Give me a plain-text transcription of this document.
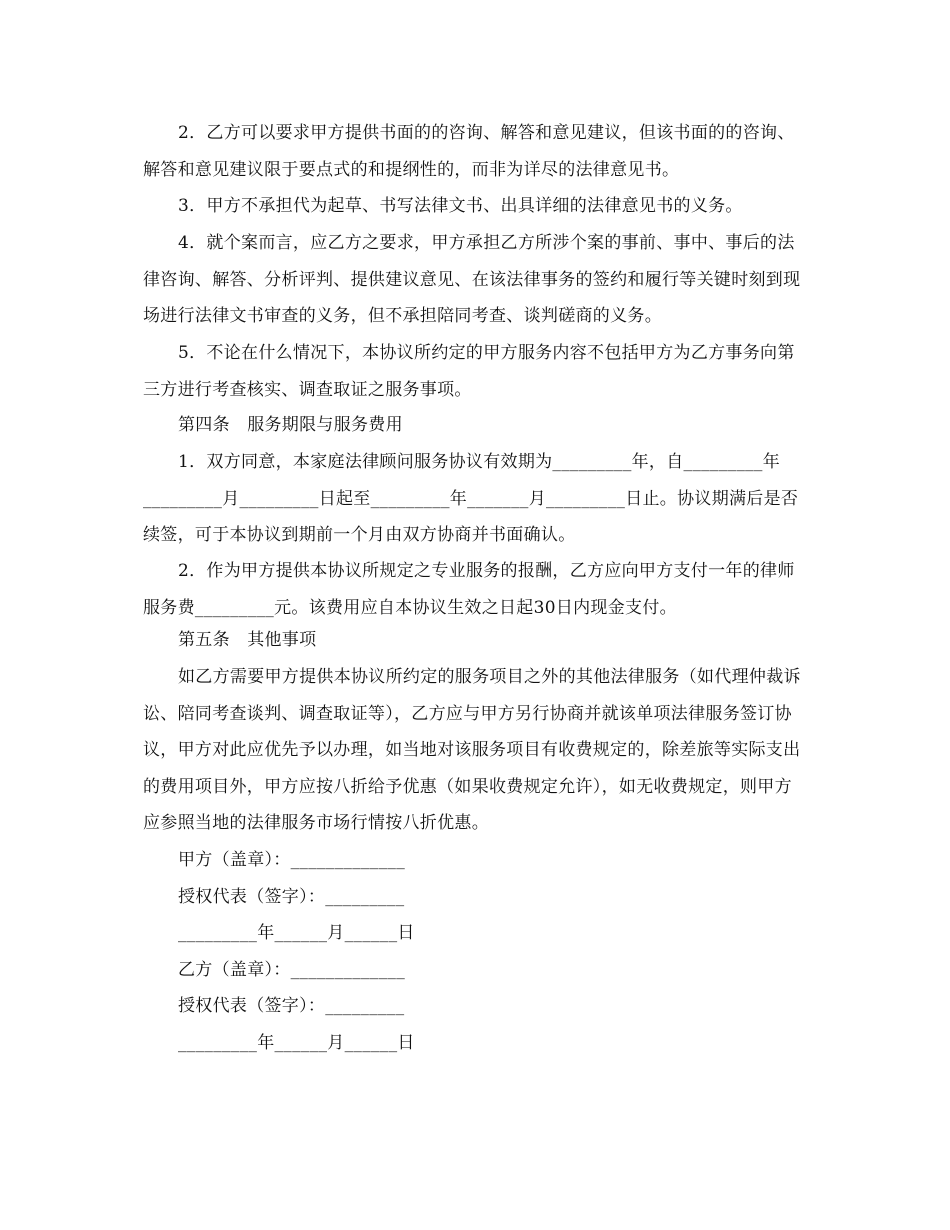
2．乙方可以要求甲方提供书面的的咨询、解答和意见建议，但该书面的的咨询、解答和意见建议限于要点式的和提纲性的，而非为详尽的法律意见书。

3．甲方不承担代为起草、书写法律文书、出具详细的法律意见书的义务。

4．就个案而言，应乙方之要求，甲方承担乙方所涉个案的事前、事中、事后的法律咨询、解答、分析评判、提供建议意见、在该法律事务的签约和履行等关键时刻到现场进行法律文书审查的义务，但不承担陪同考查、谈判磋商的义务。

5．不论在什么情况下，本协议所约定的甲方服务内容不包括甲方为乙方事务向第三方进行考查核实、调查取证之服务事项。

第四条　服务期限与服务费用

1．双方同意，本家庭法律顾问服务协议有效期为_________年，自_________年 _________月_________日起至_________年_______月_________日止。协议期满后是否续签，可于本协议到期前一个月由双方协商并书面确认。

2．作为甲方提供本协议所规定之专业服务的报酬，乙方应向甲方支付一年的律师服务费_________元。该费用应自本协议生效之日起30日内现金支付。

第五条　其他事项

如乙方需要甲方提供本协议所约定的服务项目之外的其他法律服务（如代理仲裁诉讼、陪同考查谈判、调查取证等），乙方应与甲方另行协商并就该单项法律服务签订协议，甲方对此应优先予以办理，如当地对该服务项目有收费规定的，除差旅等实际支出的费用项目外，甲方应按八折给予优惠（如果收费规定允许），如无收费规定，则甲方应参照当地的法律服务市场行情按八折优惠。

甲方（盖章）：_____________
授权代表（签字）：_________
_________年______月______日
乙方（盖章）：_____________
授权代表（签字）：_________
_________年______月______日
